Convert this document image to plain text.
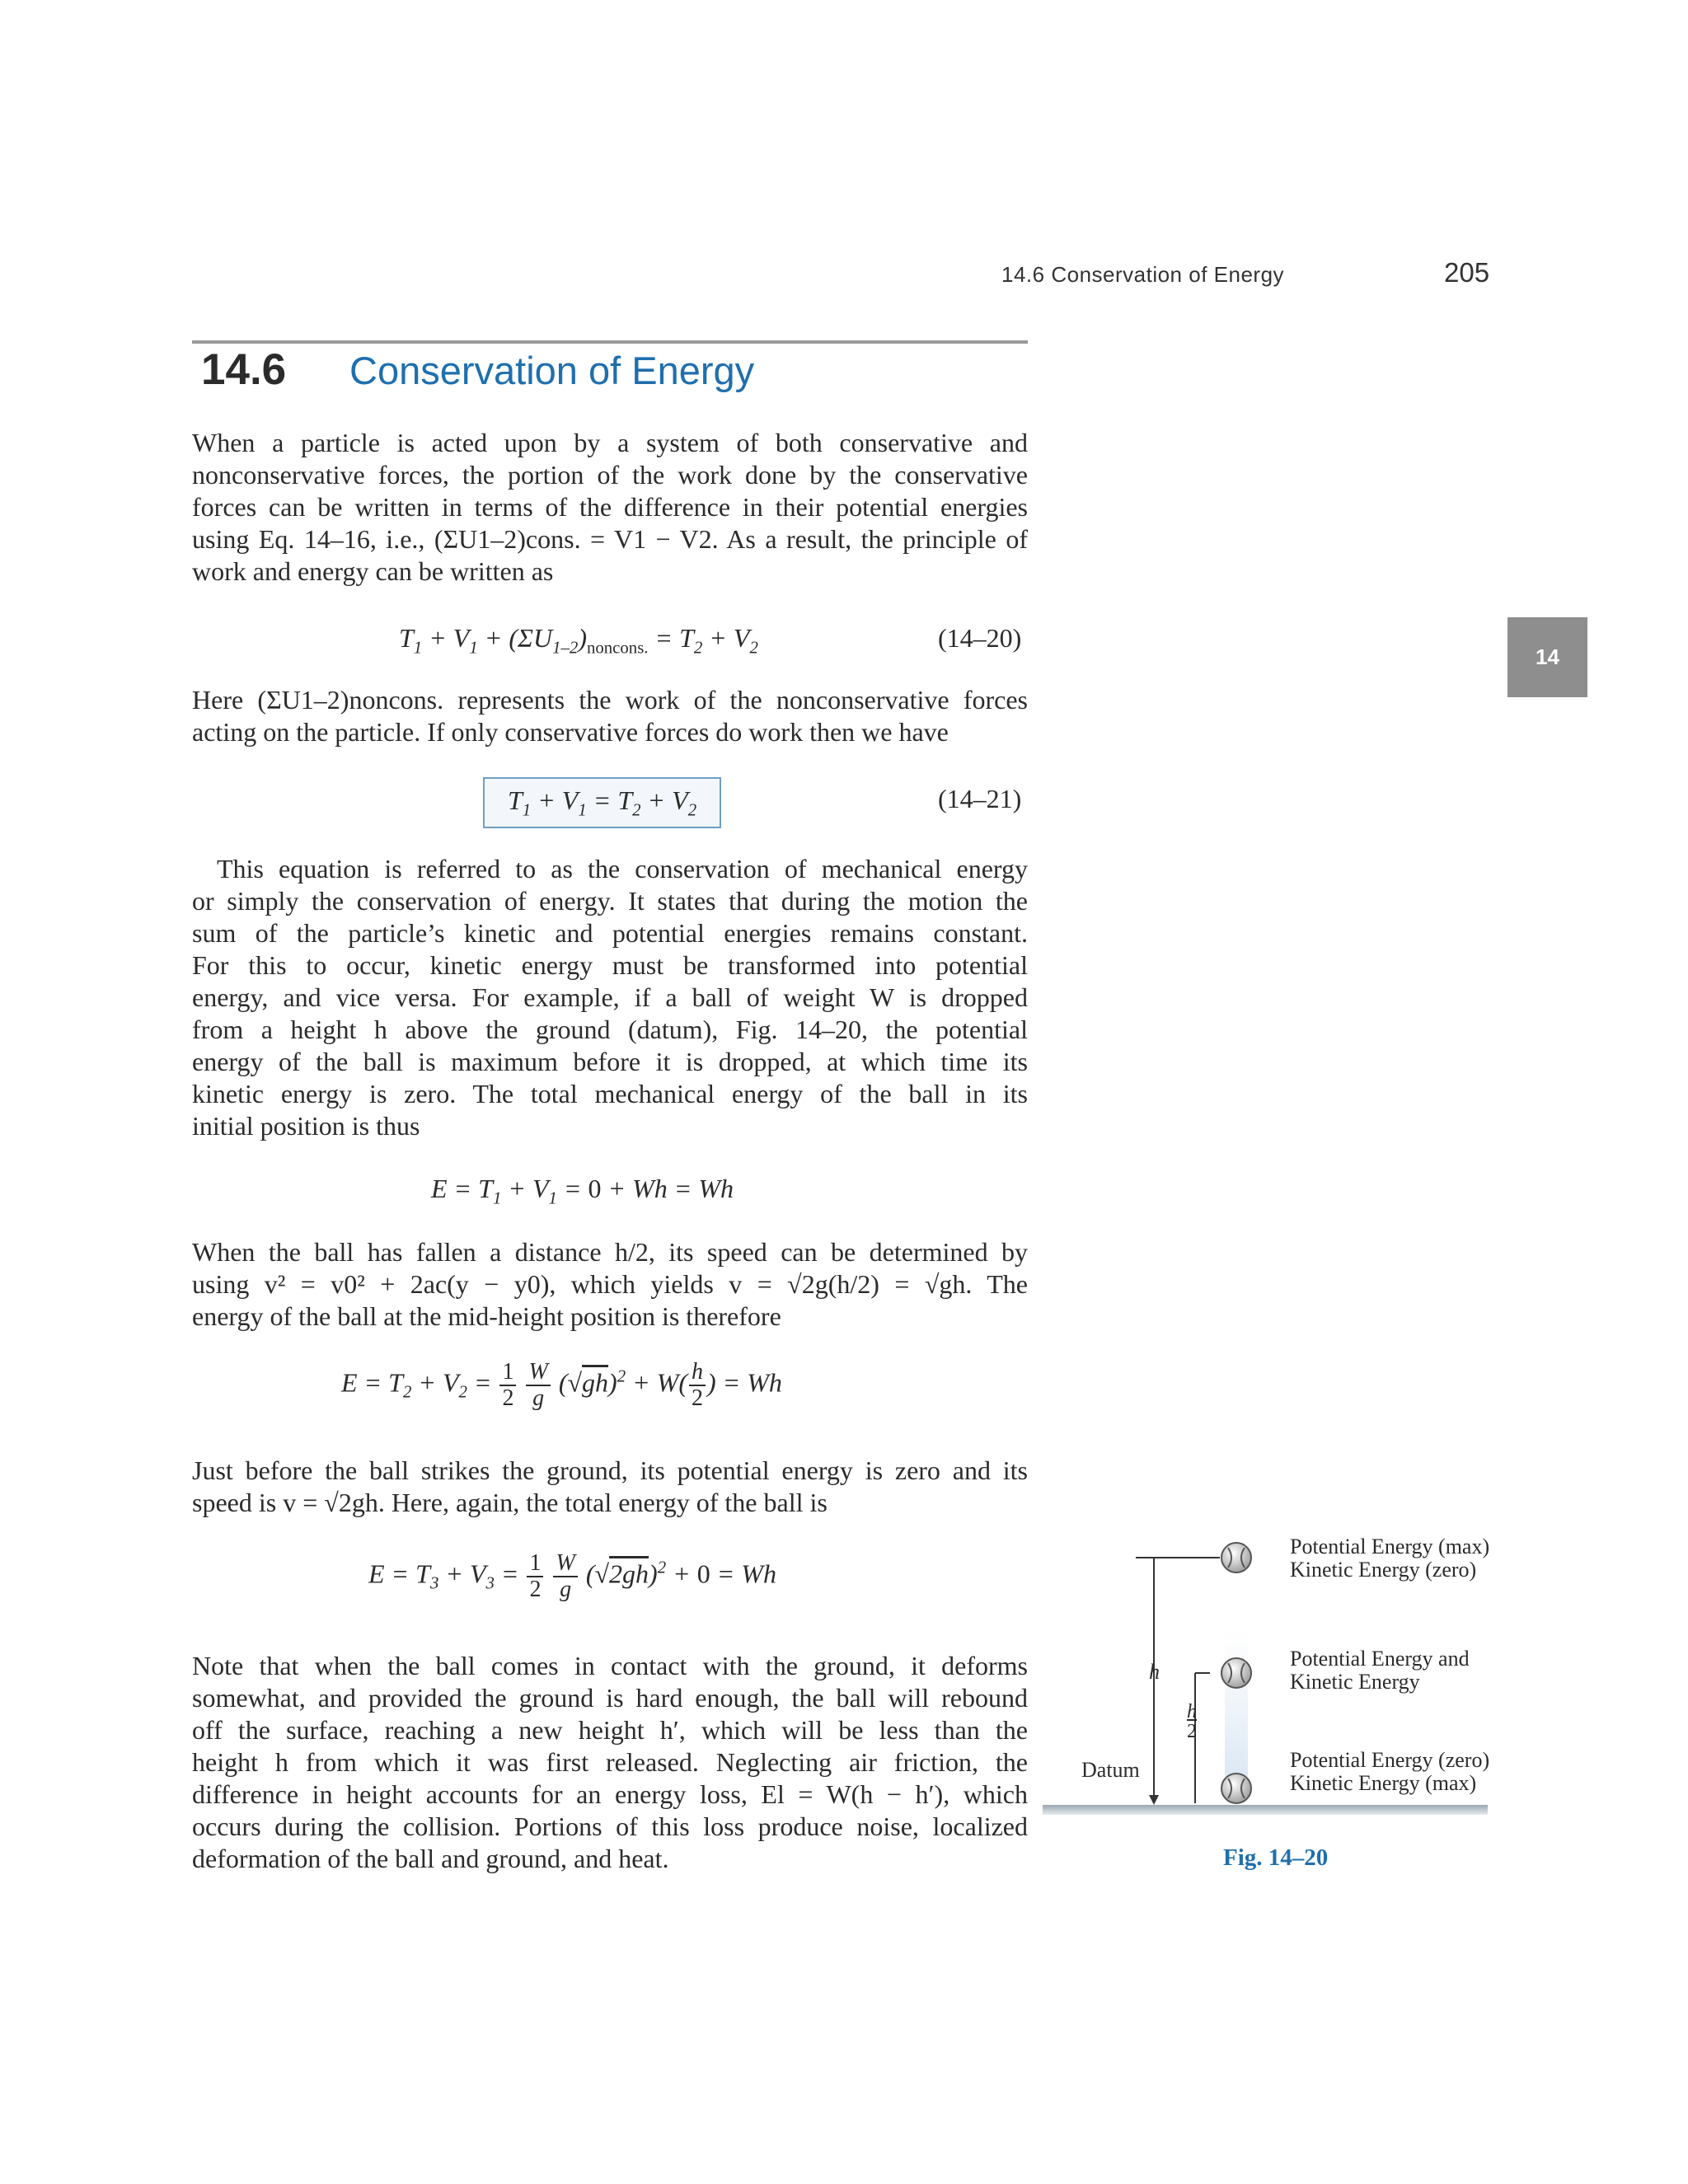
14.6 Conservation of Energy	205
14
14.6 Conservation of Energy
When a particle is acted upon by a system of both conservative and
nonconservative forces, the portion of the work done by the conservative
forces can be written in terms of the difference in their potential energies
using Eq. 14–16, i.e., (ΣU1–2)cons. = V1 − V2. As a result, the principle of
work and energy can be written as
$T_1 + V_1 + (\Sigma U_{1-2})_{noncons.} = T_2 + V_2$	(14–20)
Here (ΣU1–2)noncons. represents the work of the nonconservative forces
acting on the particle. If only conservative forces do work then we have
$T_1 + V_1 = T_2 + V_2$	(14–21)
This equation is referred to as the conservation of mechanical energy
or simply the conservation of energy. It states that during the motion the
sum of the particle’s kinetic and potential energies remains constant.
For this to occur, kinetic energy must be transformed into potential
energy, and vice versa. For example, if a ball of weight W is dropped
from a height h above the ground (datum), Fig. 14–20, the potential
energy of the ball is maximum before it is dropped, at which time its
kinetic energy is zero. The total mechanical energy of the ball in its
initial position is thus
$E = T_1 + V_1 = 0 + Wh = Wh$
When the ball has fallen a distance h/2, its speed can be determined by
using v² = v0² + 2ac(y − y0), which yields v = √2g(h/2) = √gh. The
energy of the ball at the mid-height position is therefore
$E = T_2 + V_2 = \frac{1}{2}$
$\frac{W}{g} (√gh)^2 + W( \frac{h}{2}$ ) = Wh
Just before the ball strikes the ground, its potential energy is zero and its
speed is v = √2gh. Here, again, the total energy of the ball is
$E = T_3 + V_3 = \frac{1}{2}$
$\frac{W}{g} (√2gh)^2 + 0 = Wh$
Note that when the ball comes in contact with the ground, it deforms
somewhat, and provided the ground is hard enough, the ball will rebound
off the surface, reaching a new height h′, which will be less than the
height h from which it was first released. Neglecting air friction, the
difference in height accounts for an energy loss, El = W(h − h′), which
occurs during the collision. Portions of this loss produce noise, localized
deformation of the ball and ground, and heat.
Potential Energy (max)
Kinetic Energy (zero)
Potential Energy and
Kinetic Energy
Potential Energy (zero)
Kinetic Energy (max)
h
h
2
Datum
Fig. 14–20
